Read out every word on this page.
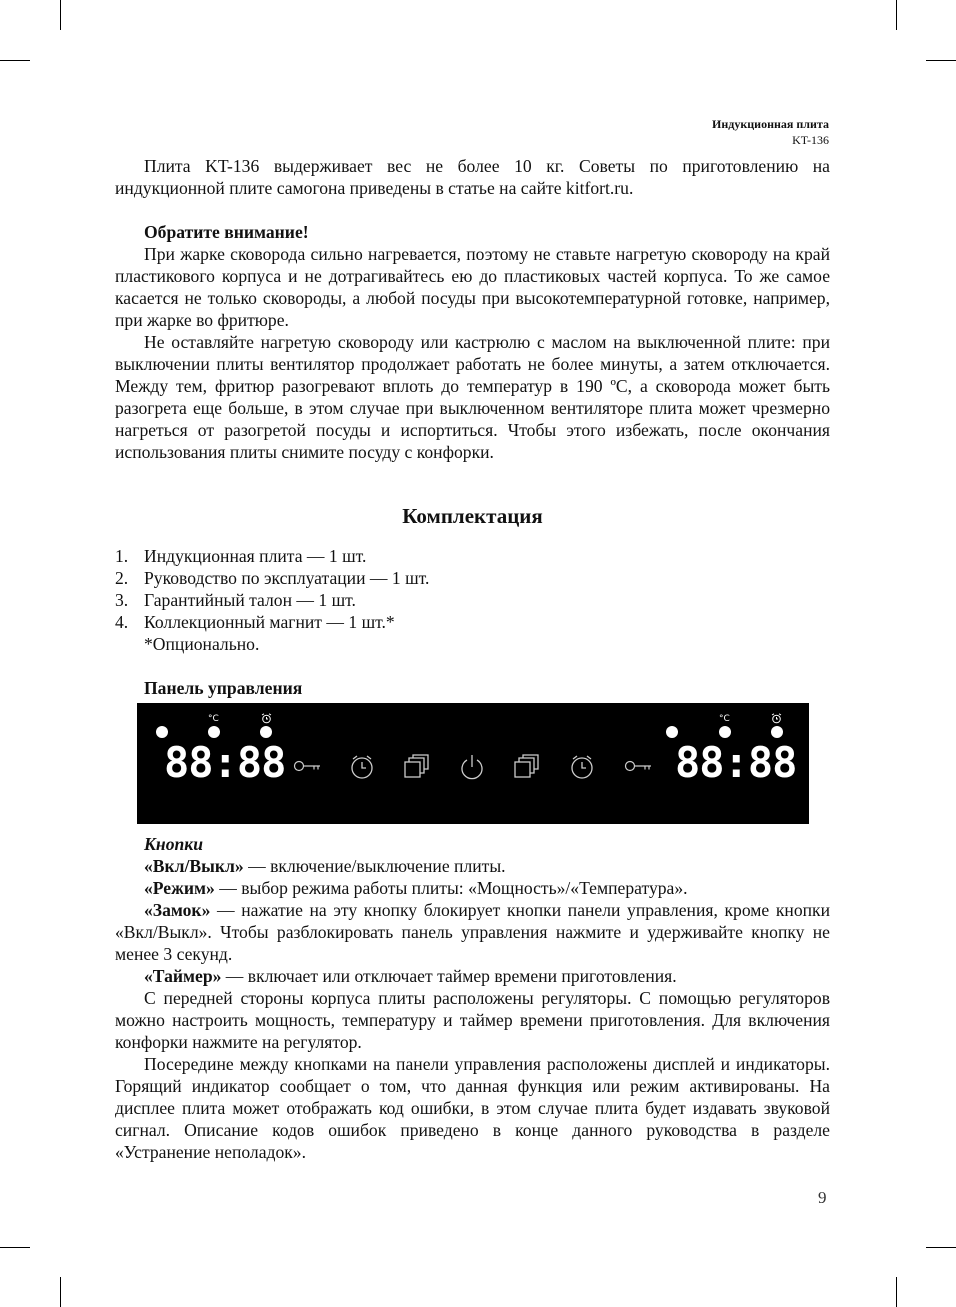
Индукционная плита
KT-136

Плита KT-136 выдерживает вес не более 10 кг. Советы по приготовлению на индукционной плите самогона приведены в статье на сайте kitfort.ru.

Обратите внимание!

При жарке сковорода сильно нагревается, поэтому не ставьте нагретую сковороду на край пластикового корпуса и не дотрагивайтесь ею до пластиковых частей корпуса. То же самое касается не только сковороды, а любой посуды при высокотемпературной готовке, например, при жарке во фритюре.

Не оставляйте нагретую сковороду или кастрюлю с маслом на выключенной плите: при выключении плиты вентилятор продолжает работать не более минуты, а затем отключается. Между тем, фритюр разогревают вплоть до температур в 190 ºС, а сковорода может быть разогрета еще больше, в этом случае при выключенном вентиляторе плита может чрезмерно нагреться от разогретой посуды и испортиться. Чтобы этого избежать, после окончания использования плиты снимите посуду с конфорки.

Комплектация
1. Индукционная плита — 1 шт.
2. Руководство по эксплуатации — 1 шт.
3. Гарантийный талон — 1 шт.
4. Коллекционный магнит — 1 шт.*
*Опционально.
Панель управления
°C
88:88
°C
88:88
Кнопки

«Вкл/Выкл» — включение/выключение плиты.

«Режим» — выбор режима работы плиты: «Мощность»/«Температура».

«Замок» — нажатие на эту кнопку блокирует кнопки панели управления, кроме кнопки «Вкл/Выкл». Чтобы разблокировать панель управления нажмите и удерживайте кнопку не менее 3 секунд.

«Таймер» — включает или отключает таймер времени приготовления.

С передней стороны корпуса плиты расположены регуляторы. С помощью регуляторов можно настроить мощность, температуру и таймер времени приготовления. Для включения конфорки нажмите на регулятор.

Посередине между кнопками на панели управления расположены дисплей и индикаторы. Горящий индикатор сообщает о том, что данная функция или режим активированы. На дисплее плита может отображать код ошибки, в этом случае плита будет издавать звуковой сигнал. Описание кодов ошибок приведено в конце данного руководства в разделе «Устранение неполадок».

9
